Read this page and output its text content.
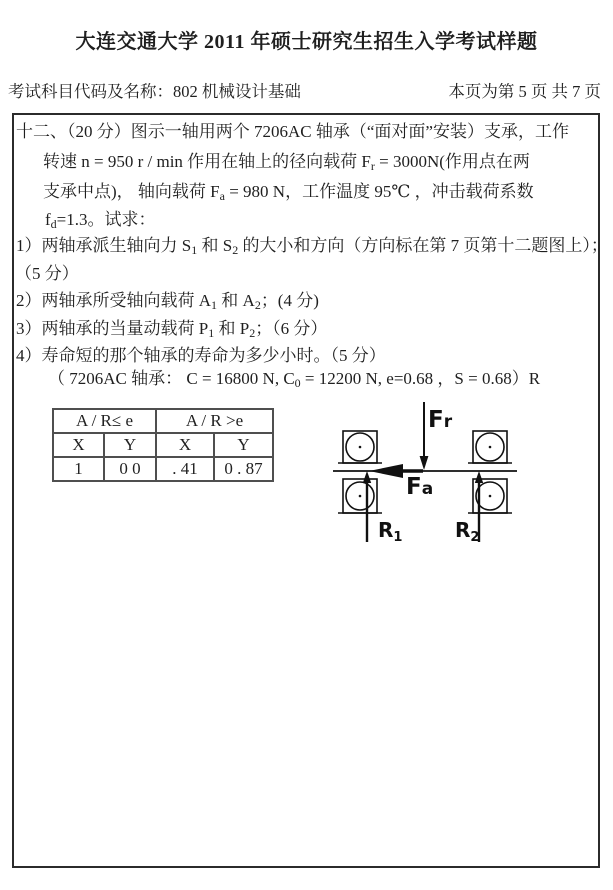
大连交通大学 2011 年硕士研究生招生入学考试样题
考试科目代码及名称：802 机械设计基础	本页为第 5 页 共 7 页
十二、（20 分）图示一轴用两个 7206AC 轴承（“面对面”安装）支承，工作
转速 n = 950 r / min 作用在轴上的径向载荷 Fr = 3000N(作用点在两
支承中点)， 轴向载荷 Fa = 980 N，工作温度 95℃ ，冲击载荷系数
fd=1.3。试求：
1）两轴承派生轴向力 S1 和 S2 的大小和方向（方向标在第 7 页第十二题图上）；
（5 分）
2）两轴承所受轴向载荷 A1 和 A2；(4 分)
3）两轴承的当量动载荷 P1 和 P2；（6 分）
4）寿命短的那个轴承的寿命为多少小时。（5 分）
（ 7206AC 轴承： C = 16800 N, C0 = 12200 N, e=0.68 ，S = 0.68）R
A / R≤ e		A / R >e	
X	Y	X	Y
1	0 0	. 41	0 . 87
Fr
Fa
$R_1$	$R_2$
